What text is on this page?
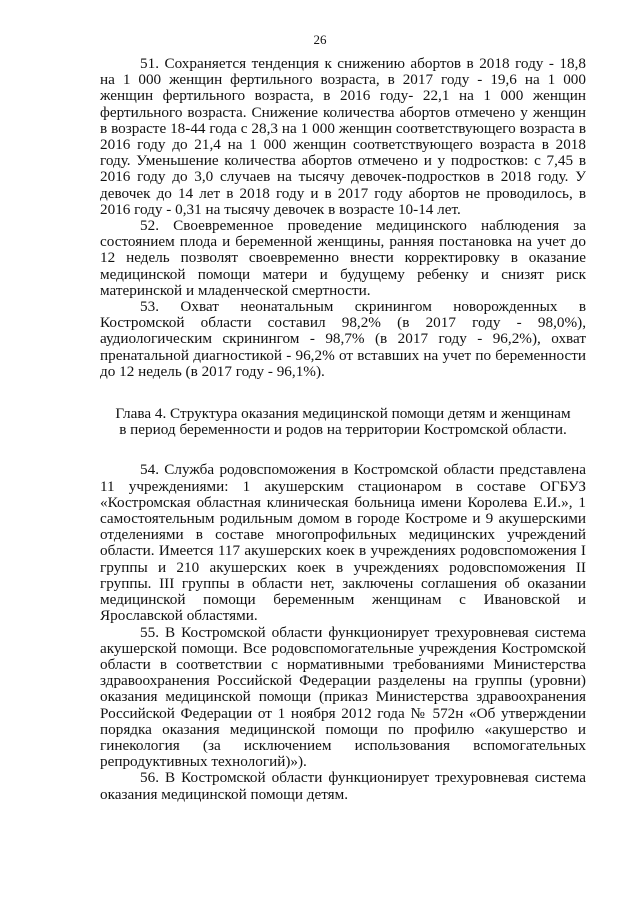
26

51. Сохраняется тенденция к снижению абортов в 2018 году - 18,8 на 1 000 женщин фертильного возраста, в 2017 году - 19,6 на 1 000 женщин фертильного возраста, в 2016 году- 22,1 на 1 000 женщин фертильного возраста. Снижение количества абортов отмечено у женщин в возрасте 18-44 года с 28,3 на 1 000 женщин соответствующего возраста в 2016 году до 21,4 на 1 000 женщин соответствующего возраста в 2018 году. Уменьшение количества абортов отмечено и у подростков: с 7,45 в 2016 году до 3,0 случаев на тысячу девочек-подростков в 2018 году. У девочек до 14 лет в 2018 году и в 2017 году абортов не проводилось, в 2016 году - 0,31 на тысячу девочек в возрасте 10-14 лет.

52. Своевременное проведение медицинского наблюдения за состоянием плода и беременной женщины, ранняя постановка на учет до 12 недель позволят своевременно внести корректировку в оказание медицинской помощи матери и будущему ребенку и снизят риск материнской и младенческой смертности.

53. Охват неонатальным скринингом новорожденных в Костромской области составил 98,2% (в 2017 году - 98,0%), аудиологическим скринингом - 98,7% (в 2017 году - 96,2%), охват пренатальной диагностикой - 96,2% от вставших на учет по беременности до 12 недель (в 2017 году - 96,1%).

Глава 4. Структура оказания медицинской помощи детям и женщинам
в период беременности и родов на территории Костромской области.

54. Служба родовспоможения в Костромской области представлена 11 учреждениями: 1 акушерским стационаром в составе ОГБУЗ «Костромская областная клиническая больница имени Королева Е.И.», 1 самостоятельным родильным домом в городе Костроме и 9 акушерскими отделениями в составе многопрофильных медицинских учреждений области. Имеется 117 акушерских коек в учреждениях родовспоможения I группы и 210 акушерских коек в учреждениях родовспоможения II группы. III группы в области нет, заключены соглашения об оказании медицинской помощи беременным женщинам с Ивановской и Ярославской областями.

55. В Костромской области функционирует трехуровневая система акушерской помощи. Все родовспомогательные учреждения Костромской области в соответствии с нормативными требованиями Министерства здравоохранения Российской Федерации разделены на группы (уровни) оказания медицинской помощи (приказ Министерства здравоохранения Российской Федерации от 1 ноября 2012 года № 572н «Об утверждении порядка оказания медицинской помощи по профилю «акушерство и гинекология (за исключением использования вспомогательных репродуктивных технологий)»).

56. В Костромской области функционирует трехуровневая система оказания медицинской помощи детям.
